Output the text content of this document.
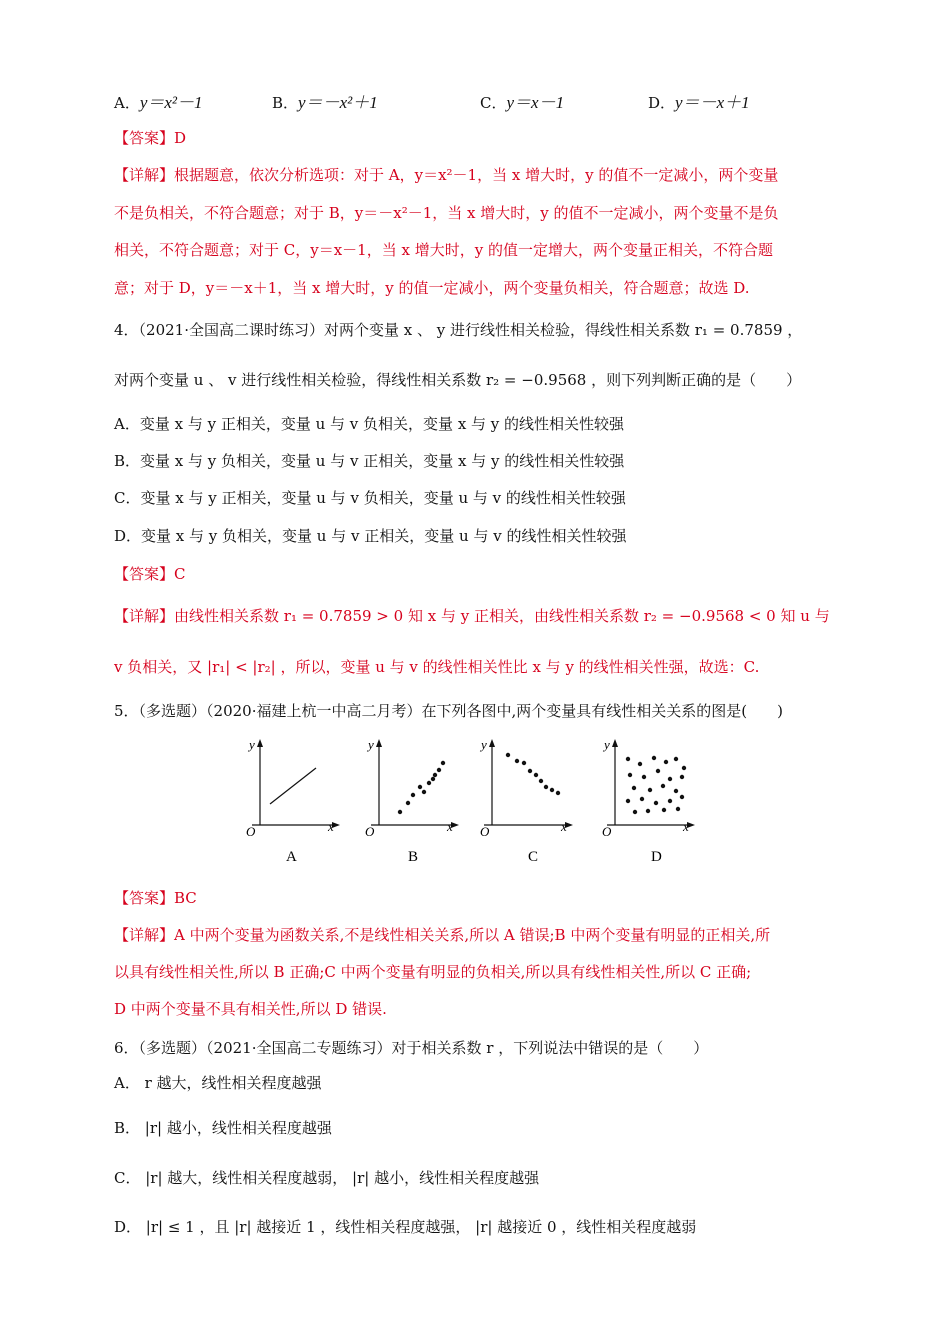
A．y＝x²－1	B．y＝－x²＋1	C．y＝x－1	D．y＝－x＋1
【答案】D
【详解】根据题意，依次分析选项：对于 A，y＝x²－1，当 x 增大时，y 的值不一定减小，两个变量
不是负相关，不符合题意；对于 B，y＝－x²－1，当 x 增大时，y 的值不一定减小，两个变量不是负
相关，不符合题意；对于 C，y＝x－1，当 x 增大时，y 的值一定增大，两个变量正相关，不符合题
意；对于 D，y＝－x＋1，当 x 增大时，y 的值一定减小，两个变量负相关，符合题意；故选 D.
4．（2021·全国高二课时练习）对两个变量 x 、 y 进行线性相关检验，得线性相关系数 r₁ = 0.7859 ，
对两个变量 u 、 v 进行线性相关检验，得线性相关系数 r₂ = −0.9568 ，则下列判断正确的是（　　）
A．变量 x 与 y 正相关，变量 u 与 v 负相关，变量 x 与 y 的线性相关性较强
B．变量 x 与 y 负相关，变量 u 与 v 正相关，变量 x 与 y 的线性相关性较强
C．变量 x 与 y 正相关，变量 u 与 v 负相关，变量 u 与 v 的线性相关性较强
D．变量 x 与 y 负相关，变量 u 与 v 正相关，变量 u 与 v 的线性相关性较强
【答案】C
【详解】由线性相关系数 r₁ = 0.7859 > 0 知 x 与 y 正相关，由线性相关系数 r₂ = −0.9568 < 0 知 u 与
v 负相关，又 |r₁| < |r₂| ，所以，变量 u 与 v 的线性相关性比 x 与 y 的线性相关性强，故选：C.
5．（多选题）（2020·福建上杭一中高二月考）在下列各图中,两个变量具有线性相关关系的图是(　　)
y
x
O
A
y
x
O
B
y
x
O
C
y
x
O
D
【答案】BC
【详解】A 中两个变量为函数关系,不是线性相关关系,所以 A 错误;B 中两个变量有明显的正相关,所
以具有线性相关性,所以 B 正确;C 中两个变量有明显的负相关,所以具有线性相关性,所以 C 正确;
D 中两个变量不具有相关性,所以 D 错误.
6．（多选题）（2021·全国高二专题练习）对于相关系数 r ，下列说法中错误的是（　　）
A． r 越大，线性相关程度越强
B． |r| 越小，线性相关程度越强
C． |r| 越大，线性相关程度越弱， |r| 越小，线性相关程度越强
D． |r| ≤ 1 ，且 |r| 越接近 1 ，线性相关程度越强， |r| 越接近 0 ，线性相关程度越弱
